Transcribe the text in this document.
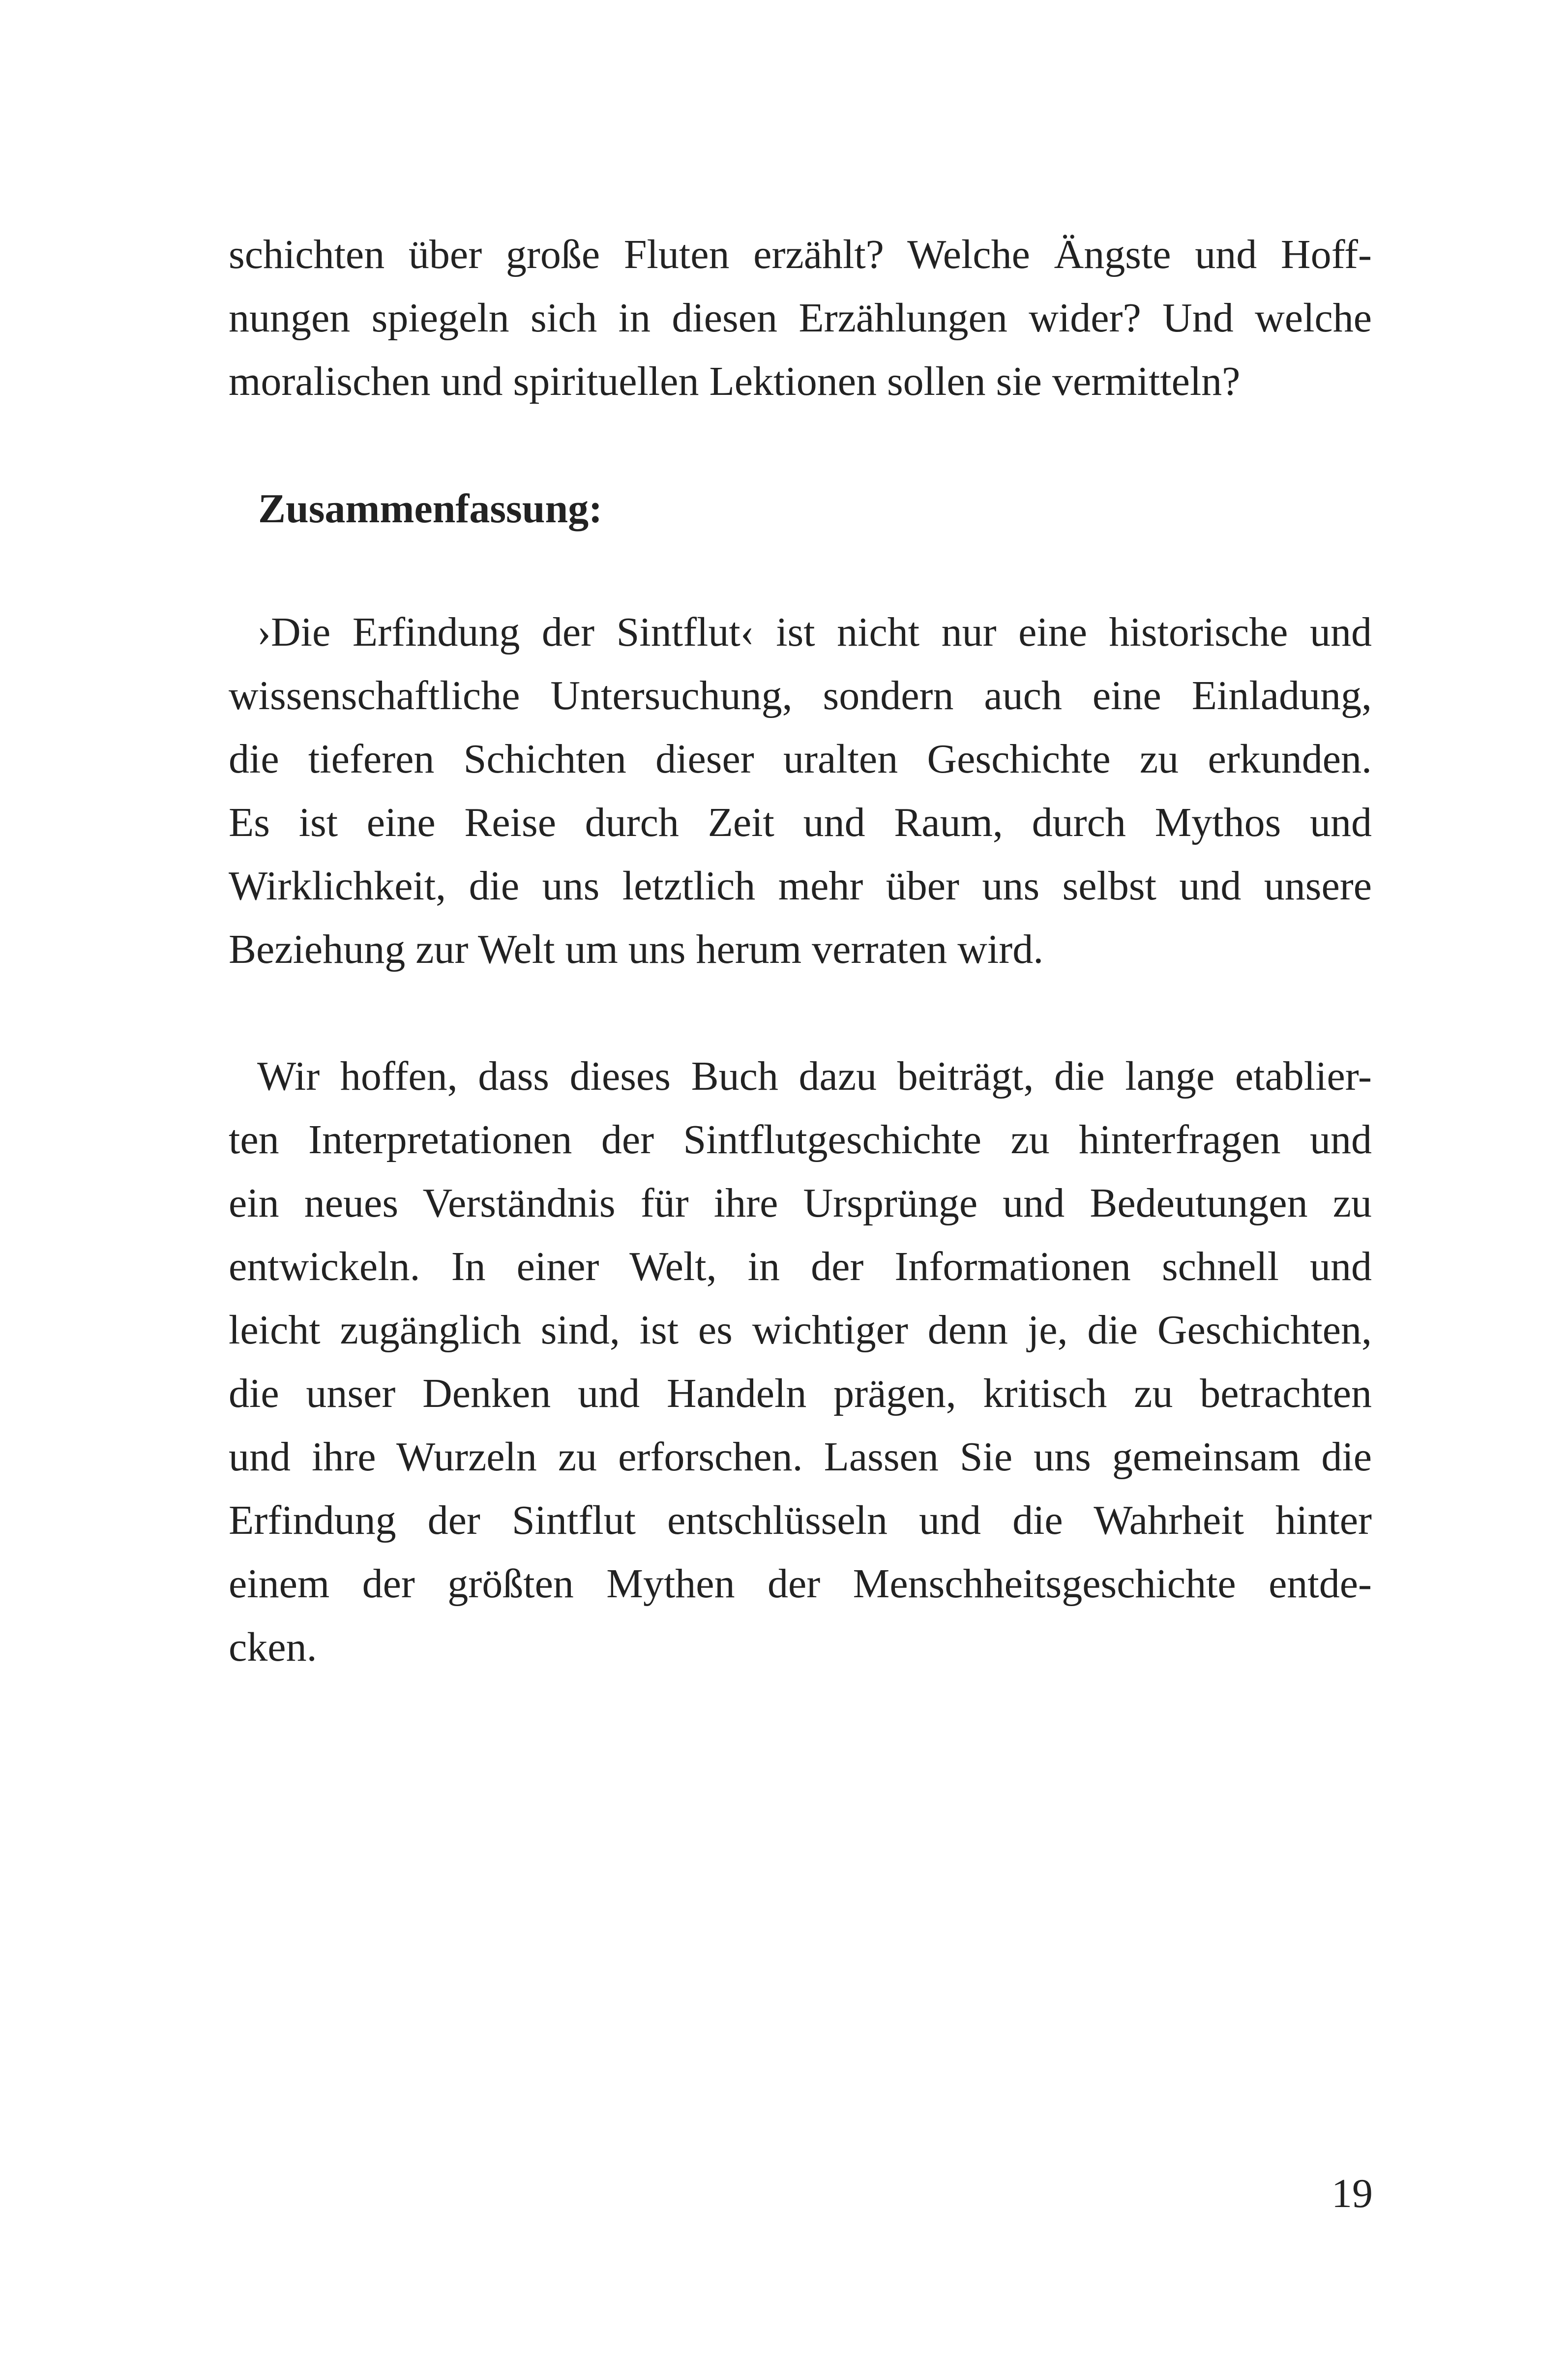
schichten über große Fluten erzählt? Welche Ängste und Hoff-
nungen spiegeln sich in diesen Erzählungen wider? Und welche
moralischen und spirituellen Lektionen sollen sie vermitteln?

Zusammenfassung:

›Die Erfindung der Sintflut‹ ist nicht nur eine historische und
wissenschaftliche Untersuchung, sondern auch eine Einladung,
die tieferen Schichten dieser uralten Geschichte zu erkunden.
Es ist eine Reise durch Zeit und Raum, durch Mythos und
Wirklichkeit, die uns letztlich mehr über uns selbst und unsere
Beziehung zur Welt um uns herum verraten wird.

Wir hoffen, dass dieses Buch dazu beiträgt, die lange etablier-
ten Interpretationen der Sintflutgeschichte zu hinterfragen und
ein neues Verständnis für ihre Ursprünge und Bedeutungen zu
entwickeln. In einer Welt, in der Informationen schnell und
leicht zugänglich sind, ist es wichtiger denn je, die Geschichten,
die unser Denken und Handeln prägen, kritisch zu betrachten
und ihre Wurzeln zu erforschen. Lassen Sie uns gemeinsam die
Erfindung der Sintflut entschlüsseln und die Wahrheit hinter
einem der größten Mythen der Menschheitsgeschichte entde-
cken.

19
